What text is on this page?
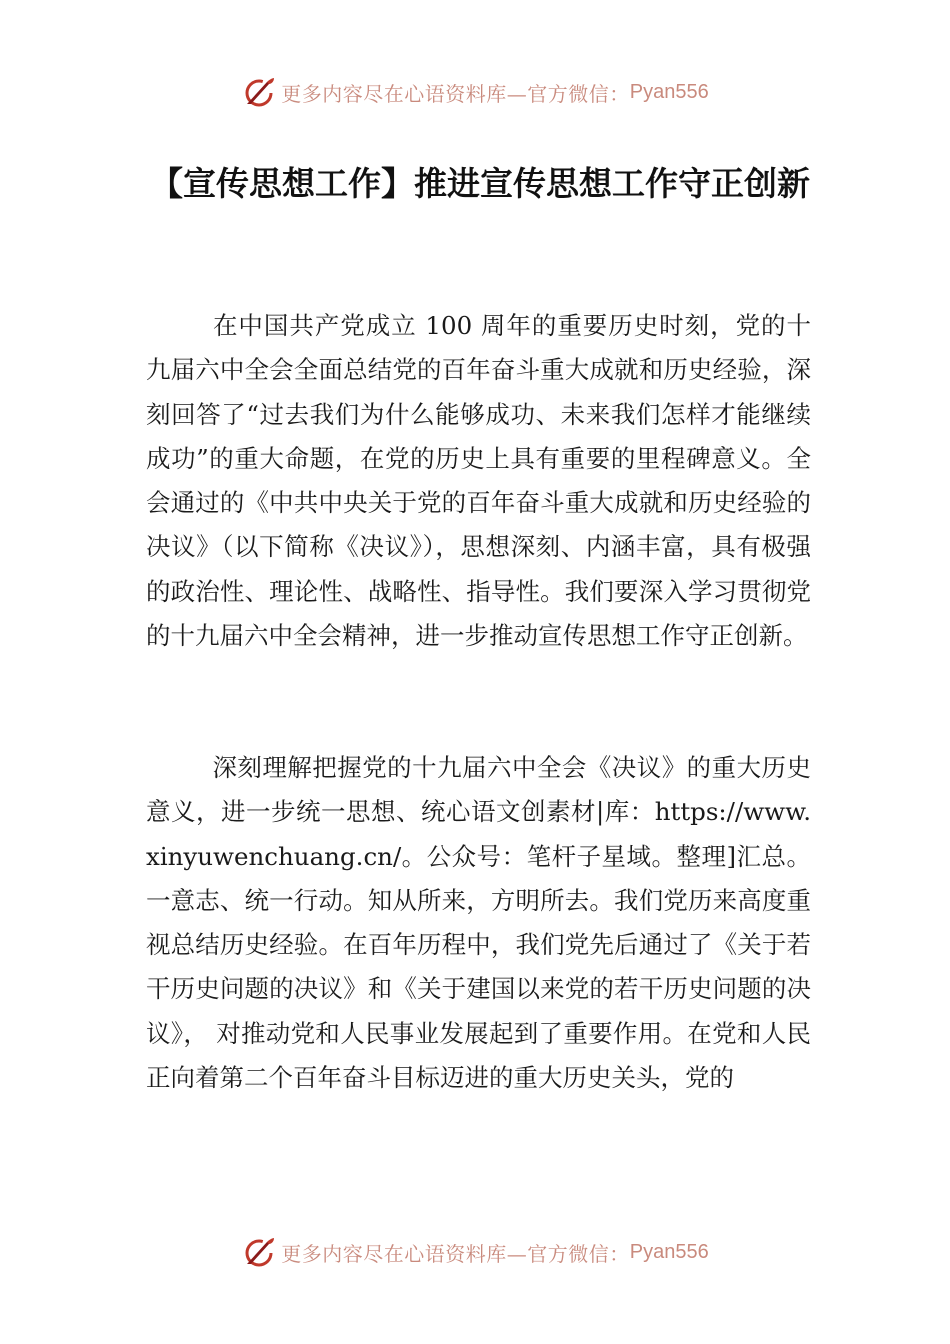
更多内容尽在心语资料库—官方微信： Pyan556
【宣传思想工作】推进宣传思想工作守正创新
在中国共产党成立 100 周年的重要历史时刻，党的十九届六中全会全面总结党的百年奋斗重大成就和历史经验，深刻回答了“过去我们为什么能够成功、未来我们怎样才能继续成功”的重大命题，在党的历史上具有重要的里程碑意义。全会通过的《中共中央关于党的百年奋斗重大成就和历史经验的决议》（以下简称《决议》），思想深刻、内涵丰富，具有极强的政治性、理论性、战略性、指导性。我们要深入学习贯彻党的十九届六中全会精神，进一步推动宣传思想工作守正创新。
深刻理解把握党的十九届六中全会《决议》的重大历史意义，进一步统一思想、统心语文创素材|库：https://www.xinyuwenchuang.cn/。公众号：笔杆子星域。整理]汇总。一意志、统一行动。知从所来，方明所去。我们党历来高度重视总结历史经验。在百年历程中，我们党先后通过了《关于若干历史问题的决议》和《关于建国以来党的若干历史问题的决议》， 对推动党和人民事业发展起到了重要作用。在党和人民正向着第二个百年奋斗目标迈进的重大历史关头，党的
更多内容尽在心语资料库—官方微信： Pyan556
